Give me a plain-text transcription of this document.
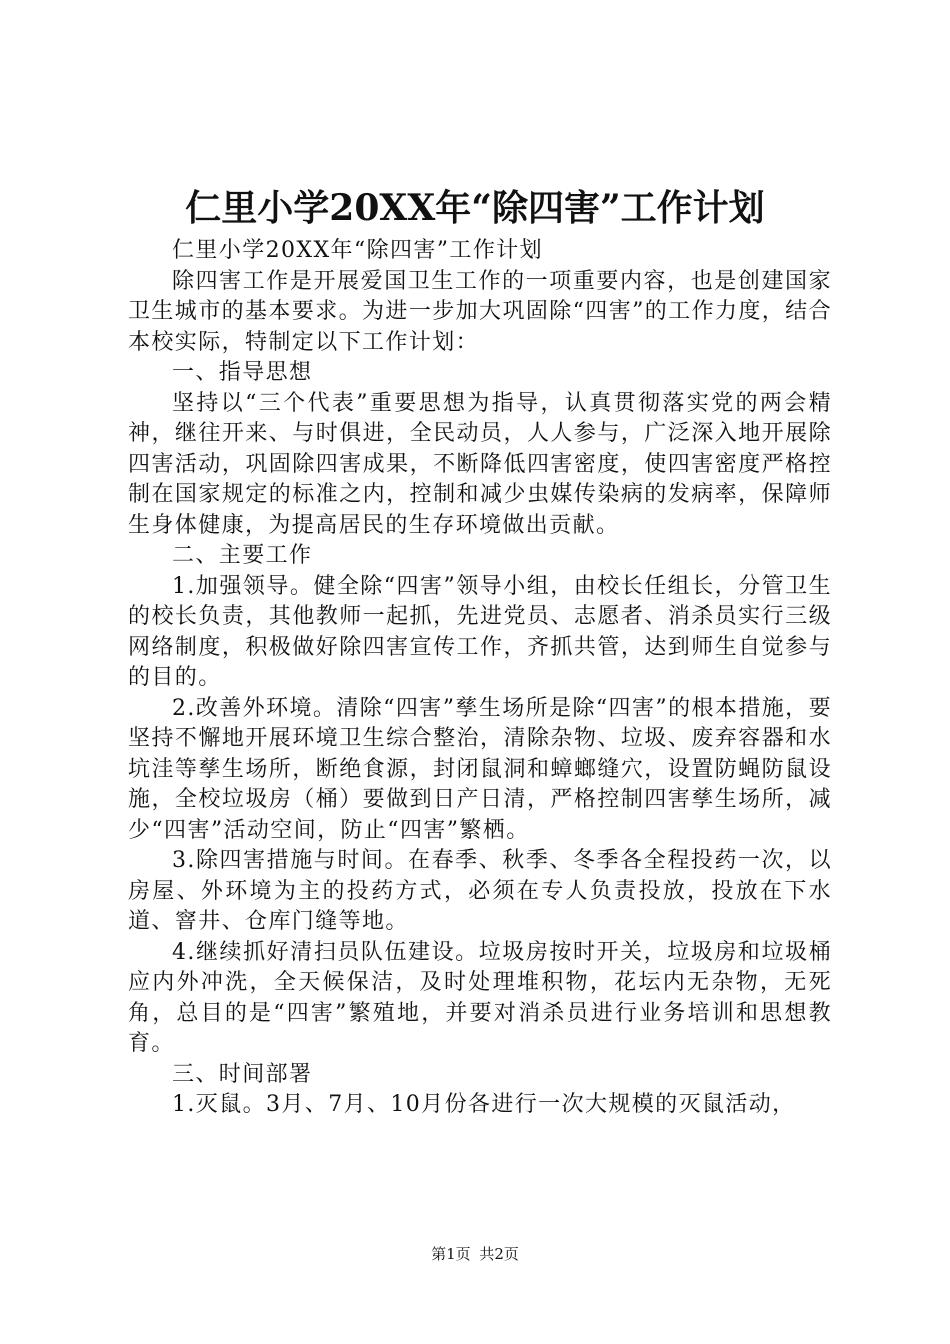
仁里小学20XX年“除四害”工作计划

仁里小学20XX年“除四害”工作计划

除四害工作是开展爱国卫生工作的一项重要内容，也是创建国家卫生城市的基本要求。为进一步加大巩固除“四害”的工作力度，结合本校实际，特制定以下工作计划：

一、指导思想

坚持以“三个代表”重要思想为指导，认真贯彻落实党的两会精神，继往开来、与时俱进，全民动员，人人参与，广泛深入地开展除四害活动，巩固除四害成果，不断降低四害密度，使四害密度严格控制在国家规定的标准之内，控制和减少虫媒传染病的发病率，保障师生身体健康，为提高居民的生存环境做出贡献。

二、主要工作

1.加强领导。健全除“四害”领导小组，由校长任组长，分管卫生的校长负责，其他教师一起抓，先进党员、志愿者、消杀员实行三级网络制度，积极做好除四害宣传工作，齐抓共管，达到师生自觉参与的目的。

2.改善外环境。清除“四害”孳生场所是除“四害”的根本措施，要坚持不懈地开展环境卫生综合整治，清除杂物、垃圾、废弃容器和水坑洼等孳生场所，断绝食源，封闭鼠洞和蟑螂缝穴，设置防蝇防鼠设施，全校垃圾房（桶）要做到日产日清，严格控制四害孳生场所，减少“四害”活动空间，防止“四害”繁栖。

3.除四害措施与时间。在春季、秋季、冬季各全程投药一次，以房屋、外环境为主的投药方式，必须在专人负责投放，投放在下水道、窨井、仓库门缝等地。

4.继续抓好清扫员队伍建设。垃圾房按时开关，垃圾房和垃圾桶应内外冲洗，全天候保洁，及时处理堆积物，花坛内无杂物，无死角，总目的是“四害”繁殖地，并要对消杀员进行业务培训和思想教育。

三、时间部署

1.灭鼠。3月、7月、10月份各进行一次大规模的灭鼠活动，

第1页 共2页
